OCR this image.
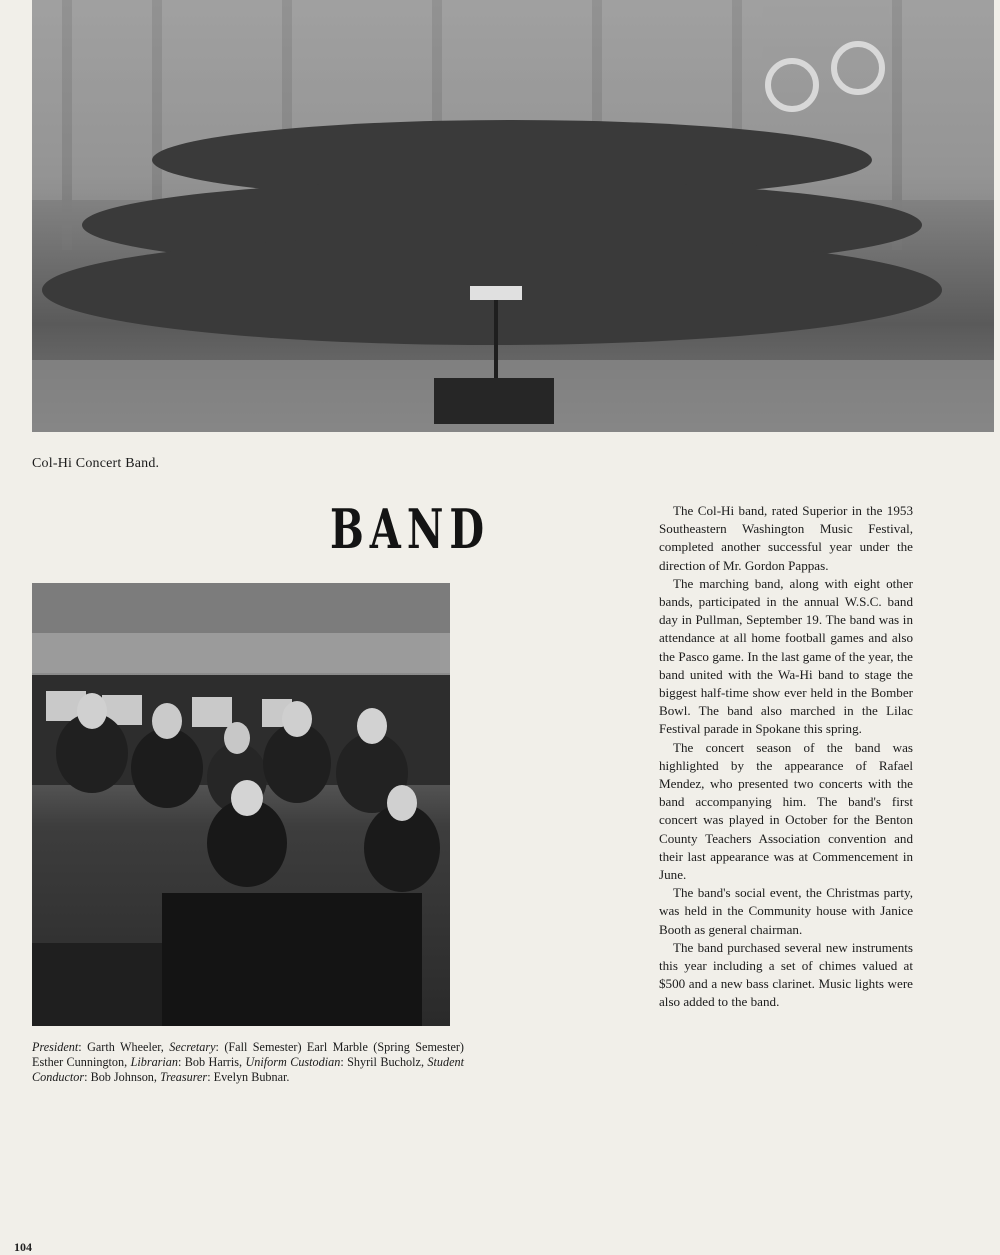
Col-Hi Concert Band.

BAND

President: Garth Wheeler, Secretary: (Fall Semester) Earl Marble (Spring Semester) Esther Cunnington, Librarian: Bob Harris, Uniform Custodian: Shyril Bucholz, Student Conductor: Bob Johnson, Treasurer: Evelyn Bubnar.

The Col-Hi band, rated Superior in the 1953 Southeastern Washington Music Festival, completed another successful year under the direction of Mr. Gordon Pappas.

The marching band, along with eight other bands, participated in the annual W.S.C. band day in Pullman, September 19. The band was in attendance at all home football games and also the Pasco game. In the last game of the year, the band united with the Wa-Hi band to stage the biggest half-time show ever held in the Bomber Bowl. The band also marched in the Lilac Festival parade in Spokane this spring.

The concert season of the band was highlighted by the appearance of Rafael Mendez, who presented two concerts with the band accompanying him. The band's first concert was played in October for the Benton County Teachers Association convention and their last appearance was at Commencement in June.

The band's social event, the Christmas party, was held in the Community house with Janice Booth as general chairman.

The band purchased several new instruments this year including a set of chimes valued at $500 and a new bass clarinet. Music lights were also added to the band.

104
